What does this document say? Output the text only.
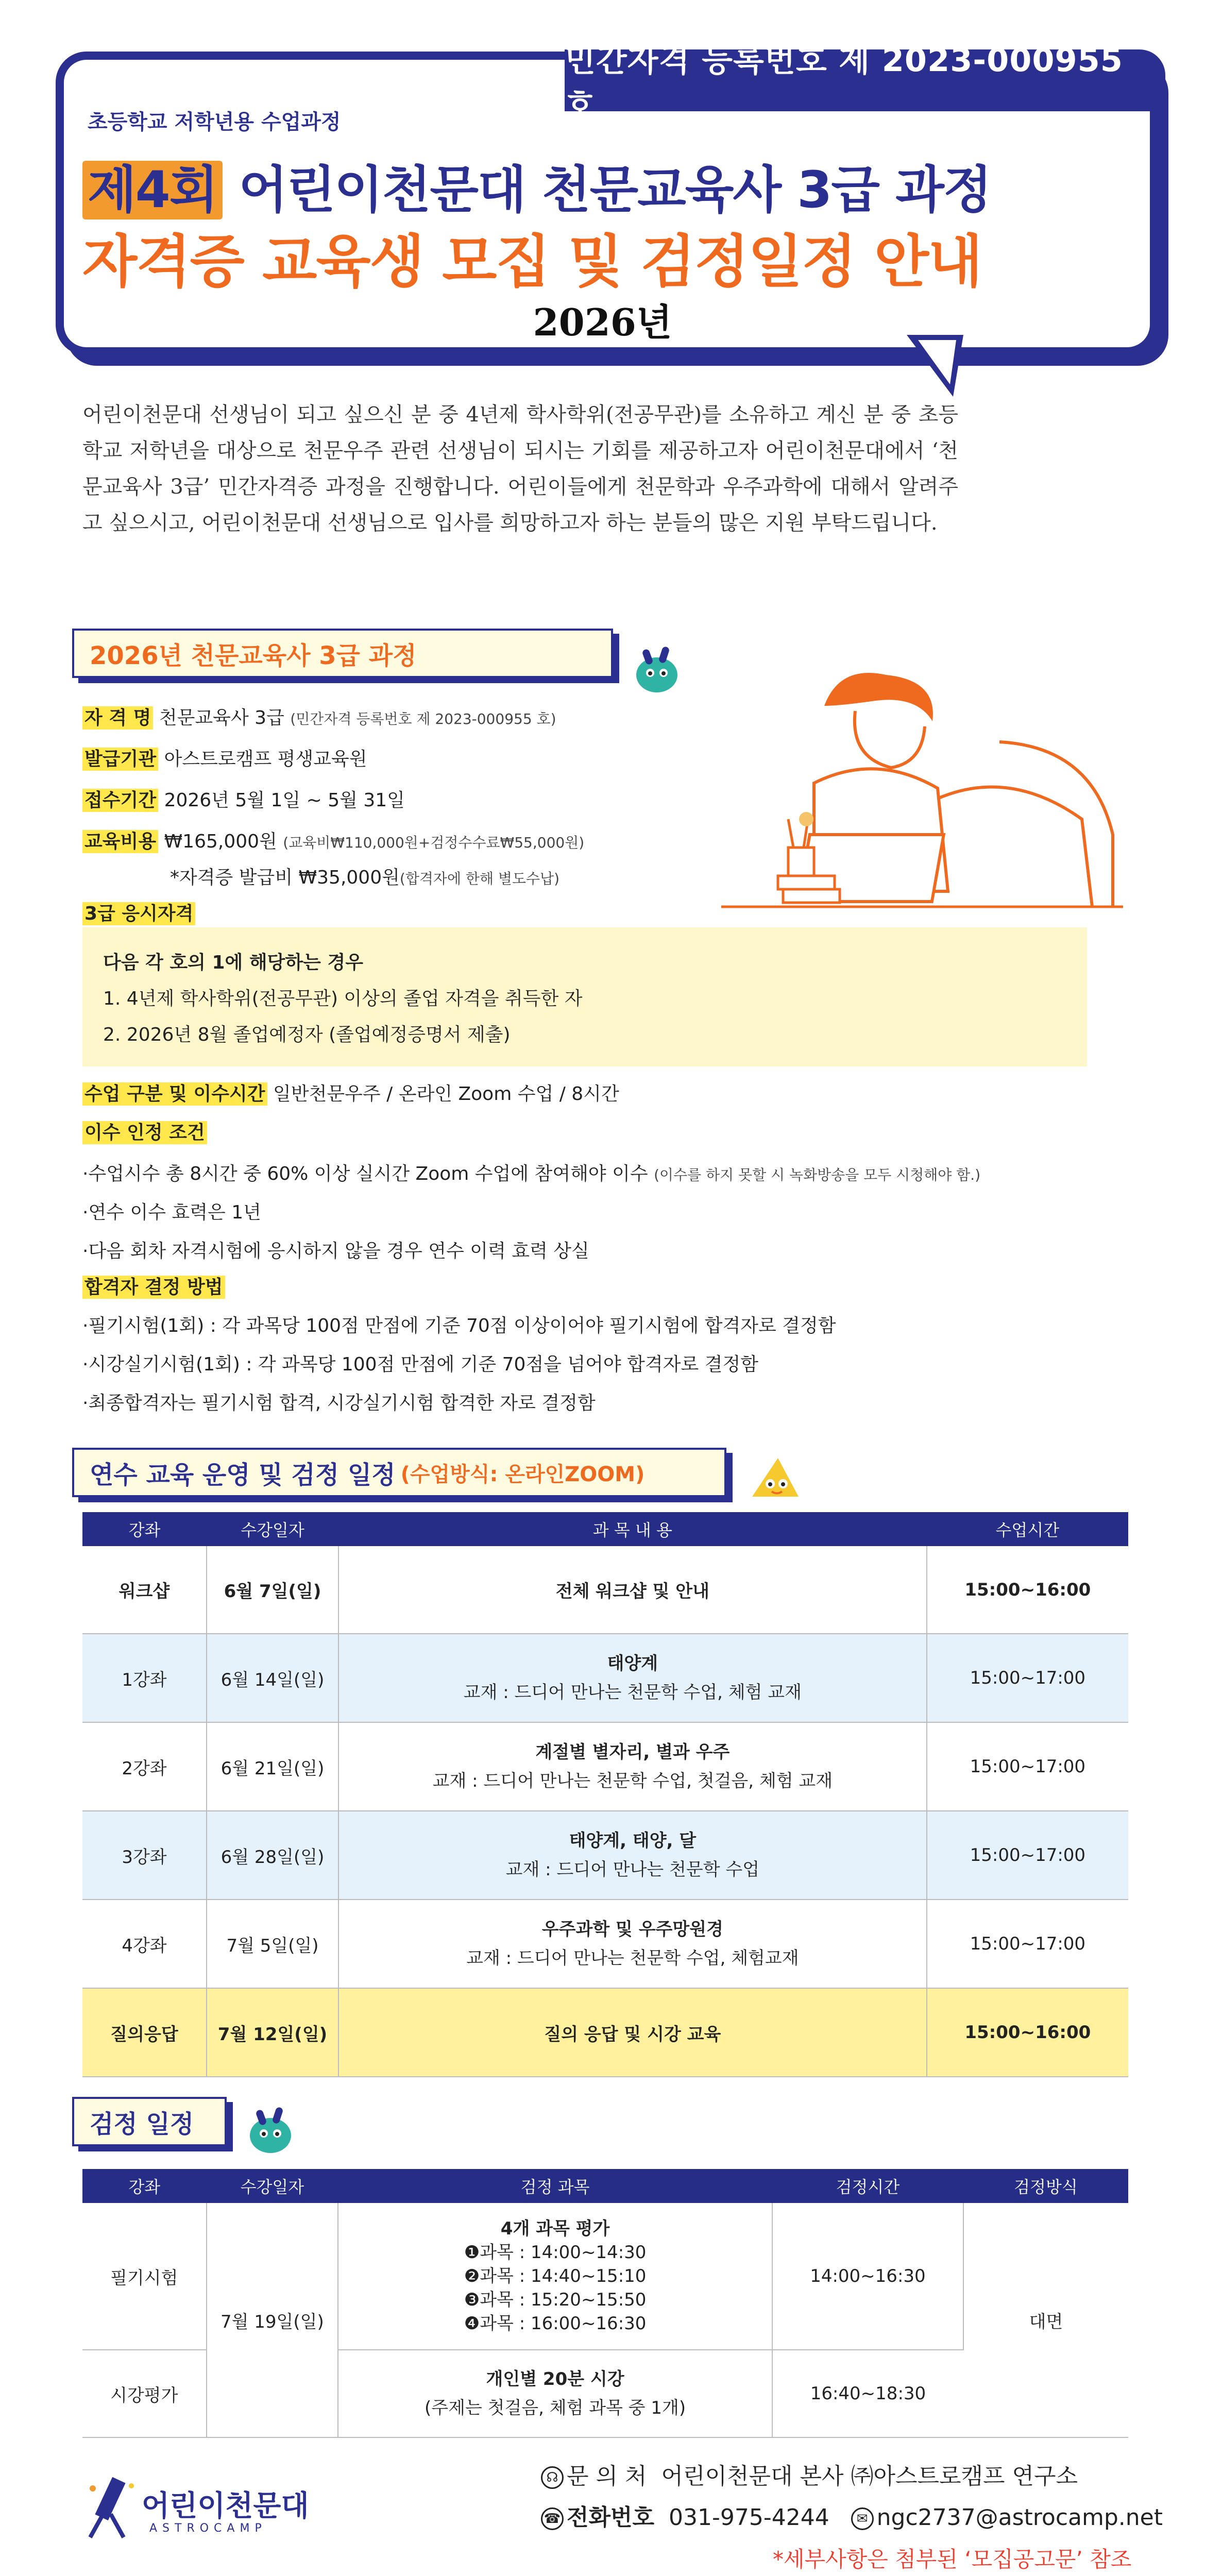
민간자격 등록번호 제 2023-000955 호
초등학교 저학년용 수업과정
제4회 어린이천문대 천문교육사 3급 과정
자격증 교육생 모집 및 검정일정 안내
2026년
어린이천문대 선생님이 되고 싶으신 분 중 4년제 학사학위(전공무관)를 소유하고 계신 분 중 초등학교 저학년을 대상으로 천문우주 관련 선생님이 되시는 기회를 제공하고자 어린이천문대에서 ‘천문교육사 3급’ 민간자격증 과정을 진행합니다. 어린이들에게 천문학과 우주과학에 대해서 알려주고 싶으시고, 어린이천문대 선생님으로 입사를 희망하고자 하는 분들의 많은 지원 부탁드립니다.
2026년 천문교육사 3급 과정
자 격 명 천문교육사 3급 (민간자격 등록번호 제 2023-000955 호)
발급기관 아스트로캠프 평생교육원
접수기간 2026년 5월 1일 ~ 5월 31일
교육비용 ₩165,000원 (교육비₩110,000원+검정수수료₩55,000원)
*자격증 발급비 ₩35,000원(합격자에 한해 별도수납)
3급 응시자격
다음 각 호의 1에 해당하는 경우
1. 4년제 학사학위(전공무관) 이상의 졸업 자격을 취득한 자
2. 2026년 8월 졸업예정자 (졸업예정증명서 제출)
수업 구분 및 이수시간 일반천문우주 / 온라인 Zoom 수업 / 8시간
이수 인정 조건
·수업시수 총 8시간 중 60% 이상 실시간 Zoom 수업에 참여해야 이수 (이수를 하지 못할 시 녹화방송을 모두 시청해야 함.)
·연수 이수 효력은 1년
·다음 회차 자격시험에 응시하지 않을 경우 연수 이력 효력 상실
합격자 결정 방법
·필기시험(1회) : 각 과목당 100점 만점에 기준 70점 이상이어야 필기시험에 합격자로 결정함
·시강실기시험(1회) : 각 과목당 100점 만점에 기준 70점을 넘어야 합격자로 결정함
·최종합격자는 필기시험 합격, 시강실기시험 합격한 자로 결정함
연수 교육 운영 및 검정 일정 (수업방식: 온라인ZOOM)
강좌	수강일자	과 목 내 용	수업시간
워크샵	6월 7일(일)	전체 워크샵 및 안내	15:00~16:00
1강좌	6월 14일(일)	태양계
교재 : 드디어 만나는 천문학 수업, 체험 교재	15:00~17:00
2강좌	6월 21일(일)	계절별 별자리, 별과 우주
교재 : 드디어 만나는 천문학 수업, 첫걸음, 체험 교재	15:00~17:00
3강좌	6월 28일(일)	태양계, 태양, 달
교재 : 드디어 만나는 천문학 수업	15:00~17:00
4강좌	7월 5일(일)	우주과학 및 우주망원경
교재 : 드디어 만나는 천문학 수업, 체험교재	15:00~17:00
질의응답	7월 12일(일)	질의 응답 및 시강 교육	15:00~16:00
검정 일정
강좌	수강일자	검정 과목	검정시간	검정방식
필기시험	7월 19일(일)	4개 과목 평가
❶과목 : 14:00~14:30
❷과목 : 14:40~15:10
❸과목 : 15:20~15:50
❹과목 : 16:00~16:30	14:00~16:30	대면
시강평가		개인별 20분 시강
(주제는 첫걸음, 체험 과목 중 1개)	16:40~18:30	
어린이천문대
ASTROCAMP
☊ 문 의 처 어린이천문대 본사 ㈜아스트로캠프 연구소
☎ 전화번호 031-975-4244 ✉ ngc2737@astrocamp.net
*세부사항은 첨부된 ‘모집공고문’ 참조
